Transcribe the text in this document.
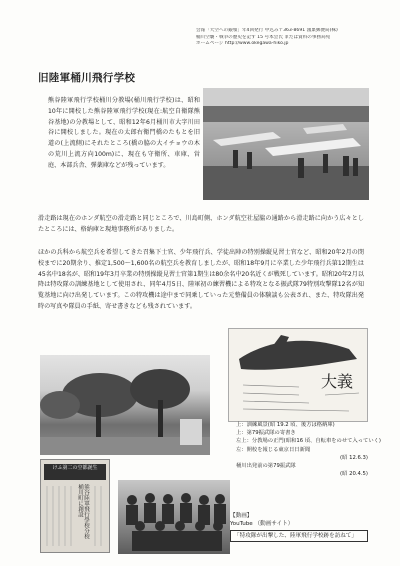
会報「大空への銀嶺」年4回発行 中込み〒363-8691 鴻巣郵便局(株)
桶川空襲・戦争の歴史を記す 15 号本会氏 または資料の事務局宛
ホームページ http://www.okegawa-hiko.jp
旧陸軍桶川飛行学校
熊谷陸軍飛行学校桶川分教場(桶川飛行学校)は、昭和10年に開校した熊谷陸軍飛行学校(現在:航空自衛隊熊谷基地)の分教場として、昭和12年6月桶川市大字川田谷に開校しました。現在の太郎右衛門橋のたもとを旧道の(上流側)にそれたところ(橋の脇の大イチョウの木の荒川上流方向100m)に、現在も守衛所、車庫、営庭、本部兵舎、弾薬庫などが残っています。
滑走路は現在のホンダ航空の滑走路と同じところで、川島町側、ホンダ航空社屋脇の通路から滑走路に向かう広々としたところには、格納庫と現地事務所がありました。
ほかの兵科から航空兵を希望してきた召集下士官、少年飛行兵、学徒出陣の特別操縦見習士官など、昭和20年2月の閉校までに20期余り、推定1,500～1,600名の航空兵を教育しましたが、昭和18年9月に卒業した少年飛行兵第12期生は45名中18名が、昭和19年3月卒業の特別操縦見習士官第1期生は80余名中20名近くが戦死しています。昭和20年2月以降は特攻隊の訓練基地として使用され、同年4月5日、陸軍初の練習機による特攻となる振武隊79特別攻撃隊12名が知覧基地に向け出発しています。この特攻機は途中まで同乗していった元整備員の体験談も公表され、また、特攻隊出発時の写真や隊員の手紙、寄せ書きなども残されています。
大義
けふ第二の空都誕生
熊谷陸軍飛行學校分校 桶川町に創設
上：訓練風景(昭 19.2 頃、後方は格納庫)
上：第79振武隊の寄書き
左上：分教場の正門(昭和16 頃、自転車をのせて入っていく)
左：開校を報じる東京日日新聞
(昭 12.6.3)
桶川出発前の第79振武隊
(昭 20.4.5)
【動画】
YouTube （動画サイト）
「特攻隊が出撃した、陸軍飛行学校跡を訪ねて」
